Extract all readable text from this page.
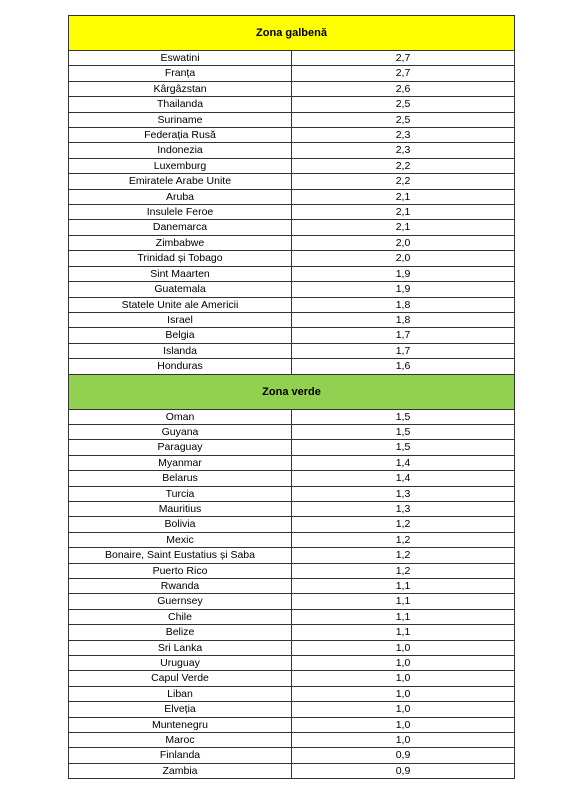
Zona galbenă	
Eswatini	2,7
Franța	2,7
Kârgâzstan	2,6
Thailanda	2,5
Suriname	2,5
Federația Rusă	2,3
Indonezia	2,3
Luxemburg	2,2
Emiratele Arabe Unite	2,2
Aruba	2,1
Insulele Feroe	2,1
Danemarca	2,1
Zimbabwe	2,0
Trinidad și Tobago	2,0
Sint Maarten	1,9
Guatemala	1,9
Statele Unite ale Americii	1,8
Israel	1,8
Belgia	1,7
Islanda	1,7
Honduras	1,6
Zona verde	
Oman	1,5
Guyana	1,5
Paraguay	1,5
Myanmar	1,4
Belarus	1,4
Turcia	1,3
Mauritius	1,3
Bolivia	1,2
Mexic	1,2
Bonaire, Saint Eustatius și Saba	1,2
Puerto Rico	1,2
Rwanda	1,1
Guernsey	1,1
Chile	1,1
Belize	1,1
Sri Lanka	1,0
Uruguay	1,0
Capul Verde	1,0
Liban	1,0
Elveția	1,0
Muntenegru	1,0
Maroc	1,0
Finlanda	0,9
Zambia	0,9
